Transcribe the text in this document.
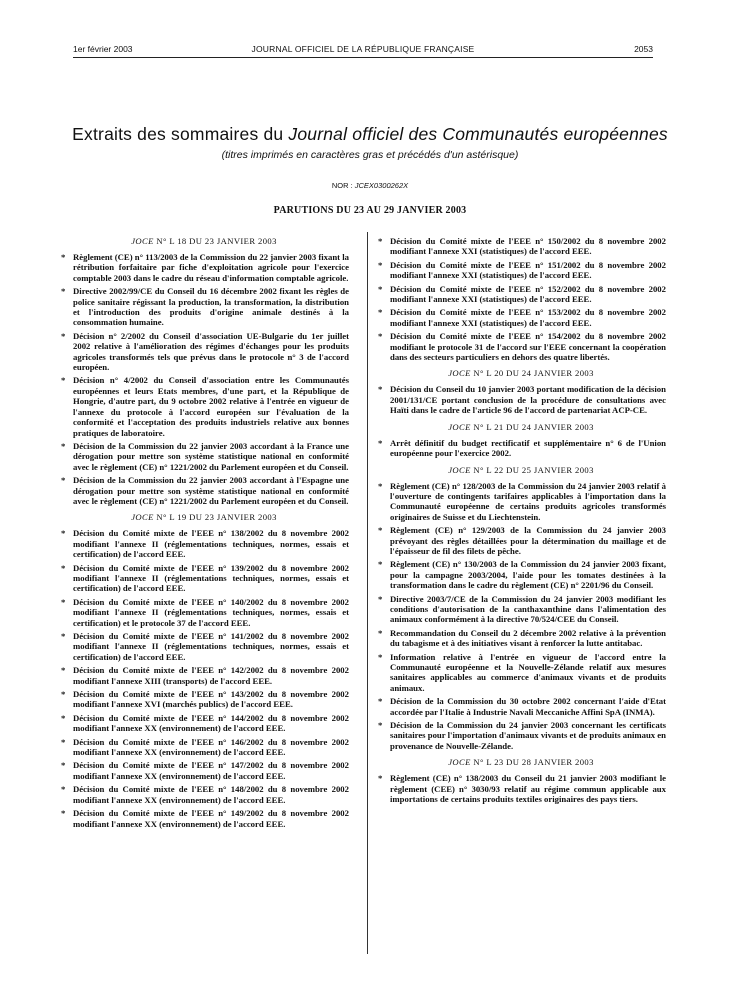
1er février 2003	JOURNAL OFFICIEL DE LA RÉPUBLIQUE FRANÇAISE	2053
Extraits des sommaires du Journal officiel des Communautés européennes
(titres imprimés en caractères gras et précédés d'un astérisque)
NOR : JCEX0300262X
PARUTIONS DU 23 AU 29 JANVIER 2003
JOCE N° L 18 DU 23 JANVIER 2003
* Règlement (CE) n° 113/2003 de la Commission du 22 janvier 2003 fixant la rétribution forfaitaire par fiche d'exploitation agricole pour l'exercice comptable 2003 dans le cadre du réseau d'information comptable agricole.
* Directive 2002/99/CE du Conseil du 16 décembre 2002 fixant les règles de police sanitaire régissant la production, la transformation, la distribution et l'introduction des produits d'origine animale destinés à la consommation humaine.
* Décision n° 2/2002 du Conseil d'association UE-Bulgarie du 1er juillet 2002 relative à l'amélioration des régimes d'échanges pour les produits agricoles transformés tels que prévus dans le protocole n° 3 de l'accord européen.
* Décision n° 4/2002 du Conseil d'association entre les Communautés européennes et leurs Etats membres, d'une part, et la République de Hongrie, d'autre part, du 9 octobre 2002 relative à l'entrée en vigueur de l'annexe du protocole à l'accord européen sur l'évaluation de la conformité et l'acceptation des produits industriels relative aux bonnes pratiques de laboratoire.
* Décision de la Commission du 22 janvier 2003 accordant à la France une dérogation pour mettre son système statistique national en conformité avec le règlement (CE) n° 1221/2002 du Parlement européen et du Conseil.
* Décision de la Commission du 22 janvier 2003 accordant à l'Espagne une dérogation pour mettre son système statistique national en conformité avec le règlement (CE) n° 1221/2002 du Parlement européen et du Conseil.
JOCE N° L 19 DU 23 JANVIER 2003
* Décision du Comité mixte de l'EEE n° 138/2002 du 8 novembre 2002 modifiant l'annexe II (réglementations techniques, normes, essais et certification) de l'accord EEE.
* Décision du Comité mixte de l'EEE n° 139/2002 du 8 novembre 2002 modifiant l'annexe II (réglementations techniques, normes, essais et certification) de l'accord EEE.
* Décision du Comité mixte de l'EEE n° 140/2002 du 8 novembre 2002 modifiant l'annexe II (réglementations techniques, normes, essais et certification) et le protocole 37 de l'accord EEE.
* Décision du Comité mixte de l'EEE n° 141/2002 du 8 novembre 2002 modifiant l'annexe II (réglementations techniques, normes, essais et certification) de l'accord EEE.
* Décision du Comité mixte de l'EEE n° 142/2002 du 8 novembre 2002 modifiant l'annexe XIII (transports) de l'accord EEE.
* Décision du Comité mixte de l'EEE n° 143/2002 du 8 novembre 2002 modifiant l'annexe XVI (marchés publics) de l'accord EEE.
* Décision du Comité mixte de l'EEE n° 144/2002 du 8 novembre 2002 modifiant l'annexe XX (environnement) de l'accord EEE.
* Décision du Comité mixte de l'EEE n° 146/2002 du 8 novembre 2002 modifiant l'annexe XX (environnement) de l'accord EEE.
* Décision du Comité mixte de l'EEE n° 147/2002 du 8 novembre 2002 modifiant l'annexe XX (environnement) de l'accord EEE.
* Décision du Comité mixte de l'EEE n° 148/2002 du 8 novembre 2002 modifiant l'annexe XX (environnement) de l'accord EEE.
* Décision du Comité mixte de l'EEE n° 149/2002 du 8 novembre 2002 modifiant l'annexe XX (environnement) de l'accord EEE.
* Décision du Comité mixte de l'EEE n° 150/2002 du 8 novembre 2002 modifiant l'annexe XXI (statistiques) de l'accord EEE.
* Décision du Comité mixte de l'EEE n° 151/2002 du 8 novembre 2002 modifiant l'annexe XXI (statistiques) de l'accord EEE.
* Décision du Comité mixte de l'EEE n° 152/2002 du 8 novembre 2002 modifiant l'annexe XXI (statistiques) de l'accord EEE.
* Décision du Comité mixte de l'EEE n° 153/2002 du 8 novembre 2002 modifiant l'annexe XXI (statistiques) de l'accord EEE.
* Décision du Comité mixte de l'EEE n° 154/2002 du 8 novembre 2002 modifiant le protocole 31 de l'accord sur l'EEE concernant la coopération dans des secteurs particuliers en dehors des quatre libertés.
JOCE N° L 20 DU 24 JANVIER 2003
* Décision du Conseil du 10 janvier 2003 portant modification de la décision 2001/131/CE portant conclusion de la procédure de consultations avec Haïti dans le cadre de l'article 96 de l'accord de partenariat ACP-CE.
JOCE N° L 21 DU 24 JANVIER 2003
* Arrêt définitif du budget rectificatif et supplémentaire n° 6 de l'Union européenne pour l'exercice 2002.
JOCE N° L 22 DU 25 JANVIER 2003
* Règlement (CE) n° 128/2003 de la Commission du 24 janvier 2003 relatif à l'ouverture de contingents tarifaires applicables à l'importation dans la Communauté européenne de certains produits agricoles transformés originaires de Suisse et du Liechtenstein.
* Règlement (CE) n° 129/2003 de la Commission du 24 janvier 2003 prévoyant des règles détaillées pour la détermination du maillage et de l'épaisseur de fil des filets de pêche.
* Règlement (CE) n° 130/2003 de la Commission du 24 janvier 2003 fixant, pour la campagne 2003/2004, l'aide pour les tomates destinées à la transformation dans le cadre du règlement (CE) n° 2201/96 du Conseil.
* Directive 2003/7/CE de la Commission du 24 janvier 2003 modifiant les conditions d'autorisation de la canthaxanthine dans l'alimentation des animaux conformément à la directive 70/524/CEE du Conseil.
* Recommandation du Conseil du 2 décembre 2002 relative à la prévention du tabagisme et à des initiatives visant à renforcer la lutte antitabac.
* Information relative à l'entrée en vigueur de l'accord entre la Communauté européenne et la Nouvelle-Zélande relatif aux mesures sanitaires applicables au commerce d'animaux vivants et de produits animaux.
* Décision de la Commission du 30 octobre 2002 concernant l'aide d'Etat accordée par l'Italie à Industrie Navali Meccaniche Affini SpA (INMA).
* Décision de la Commission du 24 janvier 2003 concernant les certificats sanitaires pour l'importation d'animaux vivants et de produits animaux en provenance de Nouvelle-Zélande.
JOCE N° L 23 DU 28 JANVIER 2003
* Règlement (CE) n° 138/2003 du Conseil du 21 janvier 2003 modifiant le règlement (CEE) n° 3030/93 relatif au régime commun applicable aux importations de certains produits textiles originaires des pays tiers.
